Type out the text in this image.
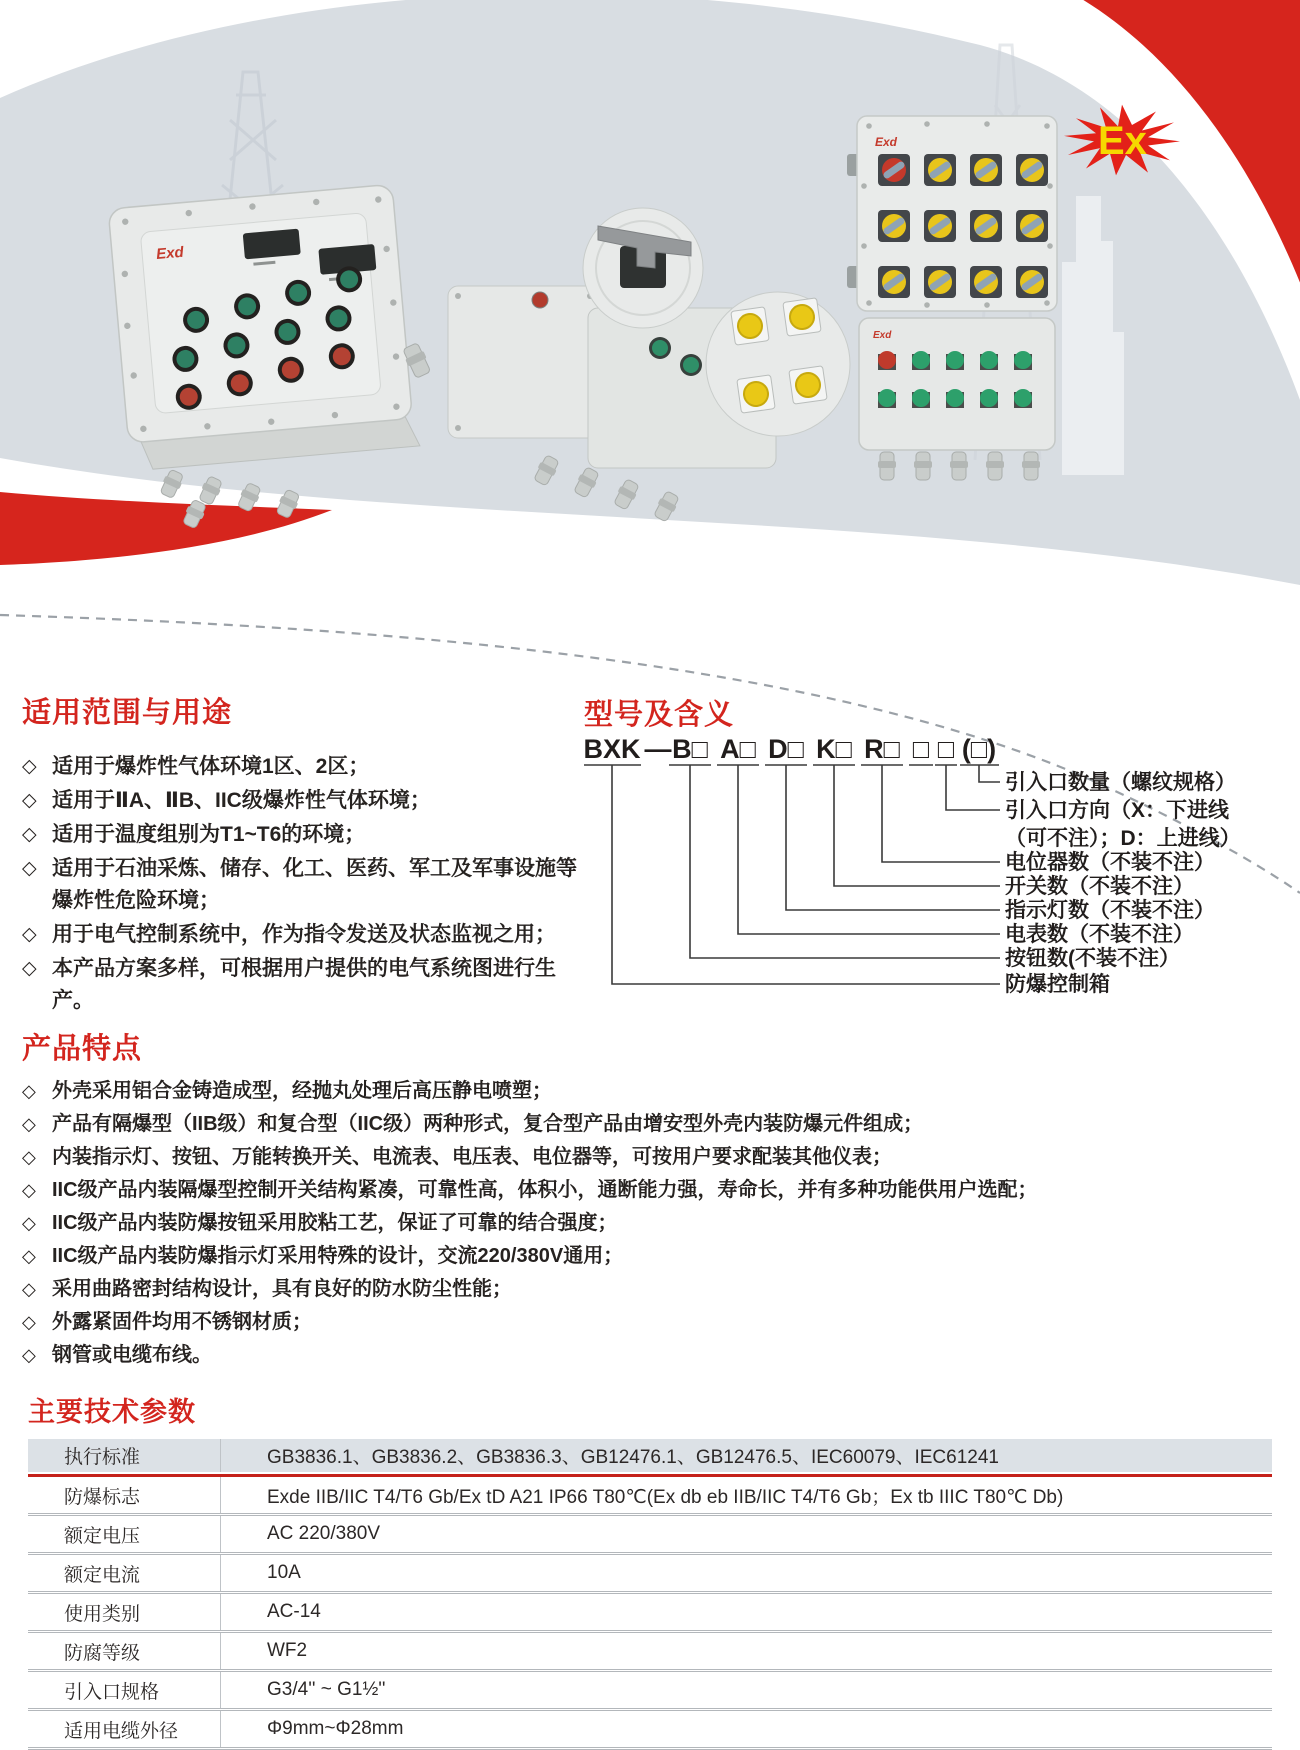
Exd
Exd
Exd
Ex
适用范围与用途
◇ 适用于爆炸性气体环境1区、2区；
◇ 适用于ⅡA、ⅡB、IIC级爆炸性气体环境；
◇ 适用于温度组别为T1~T6的环境；
◇ 适用于石油采炼、储存、化工、医药、军工及军事设施等爆炸性危险环境；
◇ 用于电气控制系统中，作为指令发送及状态监视之用；
◇ 本产品方案多样，可根据用户提供的电气系统图进行生产。
型号及含义
BXK — B□ A□ D□ K□ R□ □ □ (□)
引入口数量（螺纹规格）
引入口方向（X：下进线
（可不注）；D：上进线）
电位器数（不装不注）
开关数（不装不注）
指示灯数（不装不注）
电表数（不装不注）
按钮数(不装不注）
防爆控制箱
产品特点
◇ 外壳采用铝合金铸造成型，经抛丸处理后高压静电喷塑；
◇ 产品有隔爆型（IIB级）和复合型（IIC级）两种形式，复合型产品由增安型外壳内装防爆元件组成；
◇ 内装指示灯、按钮、万能转换开关、电流表、电压表、电位器等，可按用户要求配装其他仪表；
◇ IIC级产品内装隔爆型控制开关结构紧凑，可靠性高，体积小，通断能力强，寿命长，并有多种功能供用户选配；
◇ IIC级产品内装防爆按钮采用胶粘工艺，保证了可靠的结合强度；
◇ IIC级产品内装防爆指示灯采用特殊的设计，交流220/380V通用；
◇ 采用曲路密封结构设计，具有良好的防水防尘性能；
◇ 外露紧固件均用不锈钢材质；
◇ 钢管或电缆布线。
主要技术参数
执行标准	GB3836.1、GB3836.2、GB3836.3、GB12476.1、GB12476.5、IEC60079、IEC61241
防爆标志	Exde IIB/IIC T4/T6 Gb/Ex tD A21 IP66 T80℃(Ex db eb IIB/IIC T4/T6 Gb；Ex tb IIIC T80℃ Db)
额定电压	AC 220/380V
额定电流	10A
使用类别	AC-14
防腐等级	WF2
引入口规格	G3/4'' ~ G1½''
适用电缆外径	Φ9mm~Φ28mm
